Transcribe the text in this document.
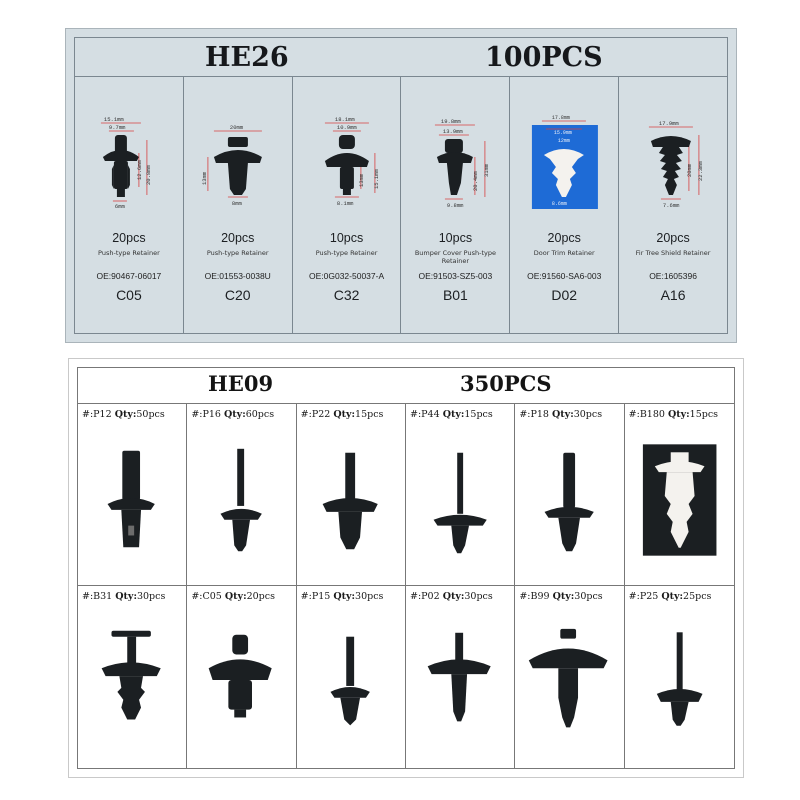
HE26	100PCS
15.1mm
9.7mm
12.6mm 20.8mm
6mm
20pcs
Push-type Retainer
OE:90467-06017
C05
20mm
13mm
8mm
20pcs
Push-type Retainer
OE:01553-0038U
C20
18.1mm
10.9mm
13mm 15.1mm
8.1mm
10pcs
Push-type Retainer
OE:0G032-50037-A
C32
19.8mm
13.9mm
20.4mm
31mm
9.8mm
10pcs
Bumper Cover Push-type Retainer
OE:91503-SZ5-003
B01
17.8mm
15.9mm
12mm
8.6mm
20pcs
Door Trim Retainer
OE:91560-SA6-003
D02
17.9mm
20mm 22.3mm
7.6mm
20pcs
Fir Tree Shield Retainer
OE:1605396
A16
HE09	350PCS
#:P12 Qty:50pcs	#:P16 Qty:60pcs	#:P22 Qty:15pcs	#:P44 Qty:15pcs	#:P18 Qty:30pcs	#:B180 Qty:15pcs
#:B31 Qty:30pcs	#:C05 Qty:20pcs	#:P15 Qty:30pcs	#:P02 Qty:30pcs	#:B99 Qty:30pcs	#:P25 Qty:25pcs
